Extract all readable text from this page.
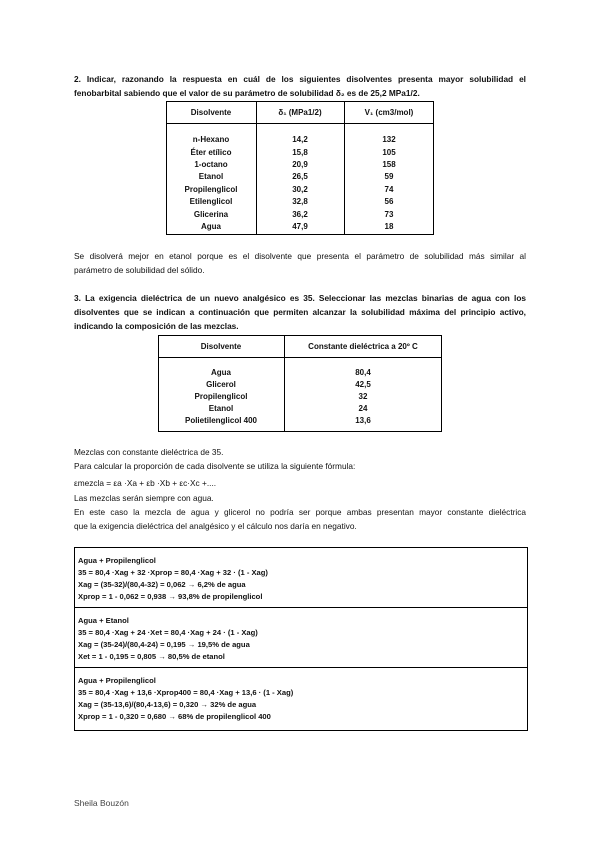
2. Indicar, razonando la respuesta en cuál de los siguientes disolventes presenta mayor solubilidad el
fenobarbital sabiendo que el valor de su parámetro de solubilidad δ₂ es de 25,2 MPa1/2.
Disolvente	δ₁ (MPa1/2)	V₁ (cm3/mol)

n-Hexano	14,2	132
Éter etílico	15,8	105
1-octano	20,9	158
Etanol	26,5	59
Propilenglicol	30,2	74
Etilenglicol	32,8	56
Glicerina	36,2	73
Agua	47,9	18

Se disolverá mejor en etanol porque es el disolvente que presenta el parámetro de solubilidad más similar al
parámetro de solubilidad del sólido.
3. La exigencia dieléctrica de un nuevo analgésico es 35. Seleccionar las mezclas binarias de agua con los
disolventes que se indican a continuación que permiten alcanzar la solubilidad máxima del principio activo,
indicando la composición de las mezclas.
Disolvente	Constante dieléctrica a 20º C

Agua	80,4
Glicerol	42,5
Propilenglicol	32
Etanol	24
Polietilenglicol 400	13,6

Mezclas con constante dieléctrica de 35.
Para calcular la proporción de cada disolvente se utiliza la siguiente fórmula:
εmezcla = εa ·Xa + εb ·Xb + εc·Xc +....
Las mezclas serán siempre con agua.
En este caso la mezcla de agua y glicerol no podría ser porque ambas presentan mayor constante dieléctrica
que la exigencia dieléctrica del analgésico y el cálculo nos daría en negativo.
Agua + Propilenglicol
35 = 80,4 ·Xag + 32 ·Xprop = 80,4 ·Xag + 32 · (1 - Xag)
Xag = (35-32)/(80,4-32) = 0,062 → 6,2% de agua
Xprop = 1 - 0,062 = 0,938 → 93,8% de propilenglicol
Agua + Etanol
35 = 80,4 ·Xag + 24 ·Xet = 80,4 ·Xag + 24 · (1 - Xag)
Xag = (35-24)/(80,4-24) = 0,195 → 19,5% de agua
Xet = 1 - 0,195 = 0,805 → 80,5% de etanol
Agua + Propilenglicol
35 = 80,4 ·Xag + 13,6 ·Xprop400 = 80,4 ·Xag + 13,6 · (1 - Xag)
Xag = (35-13,6)/(80,4-13,6) = 0,320 → 32% de agua
Xprop = 1 - 0,320 = 0,680 → 68% de propilenglicol 400
Sheila Bouzón
